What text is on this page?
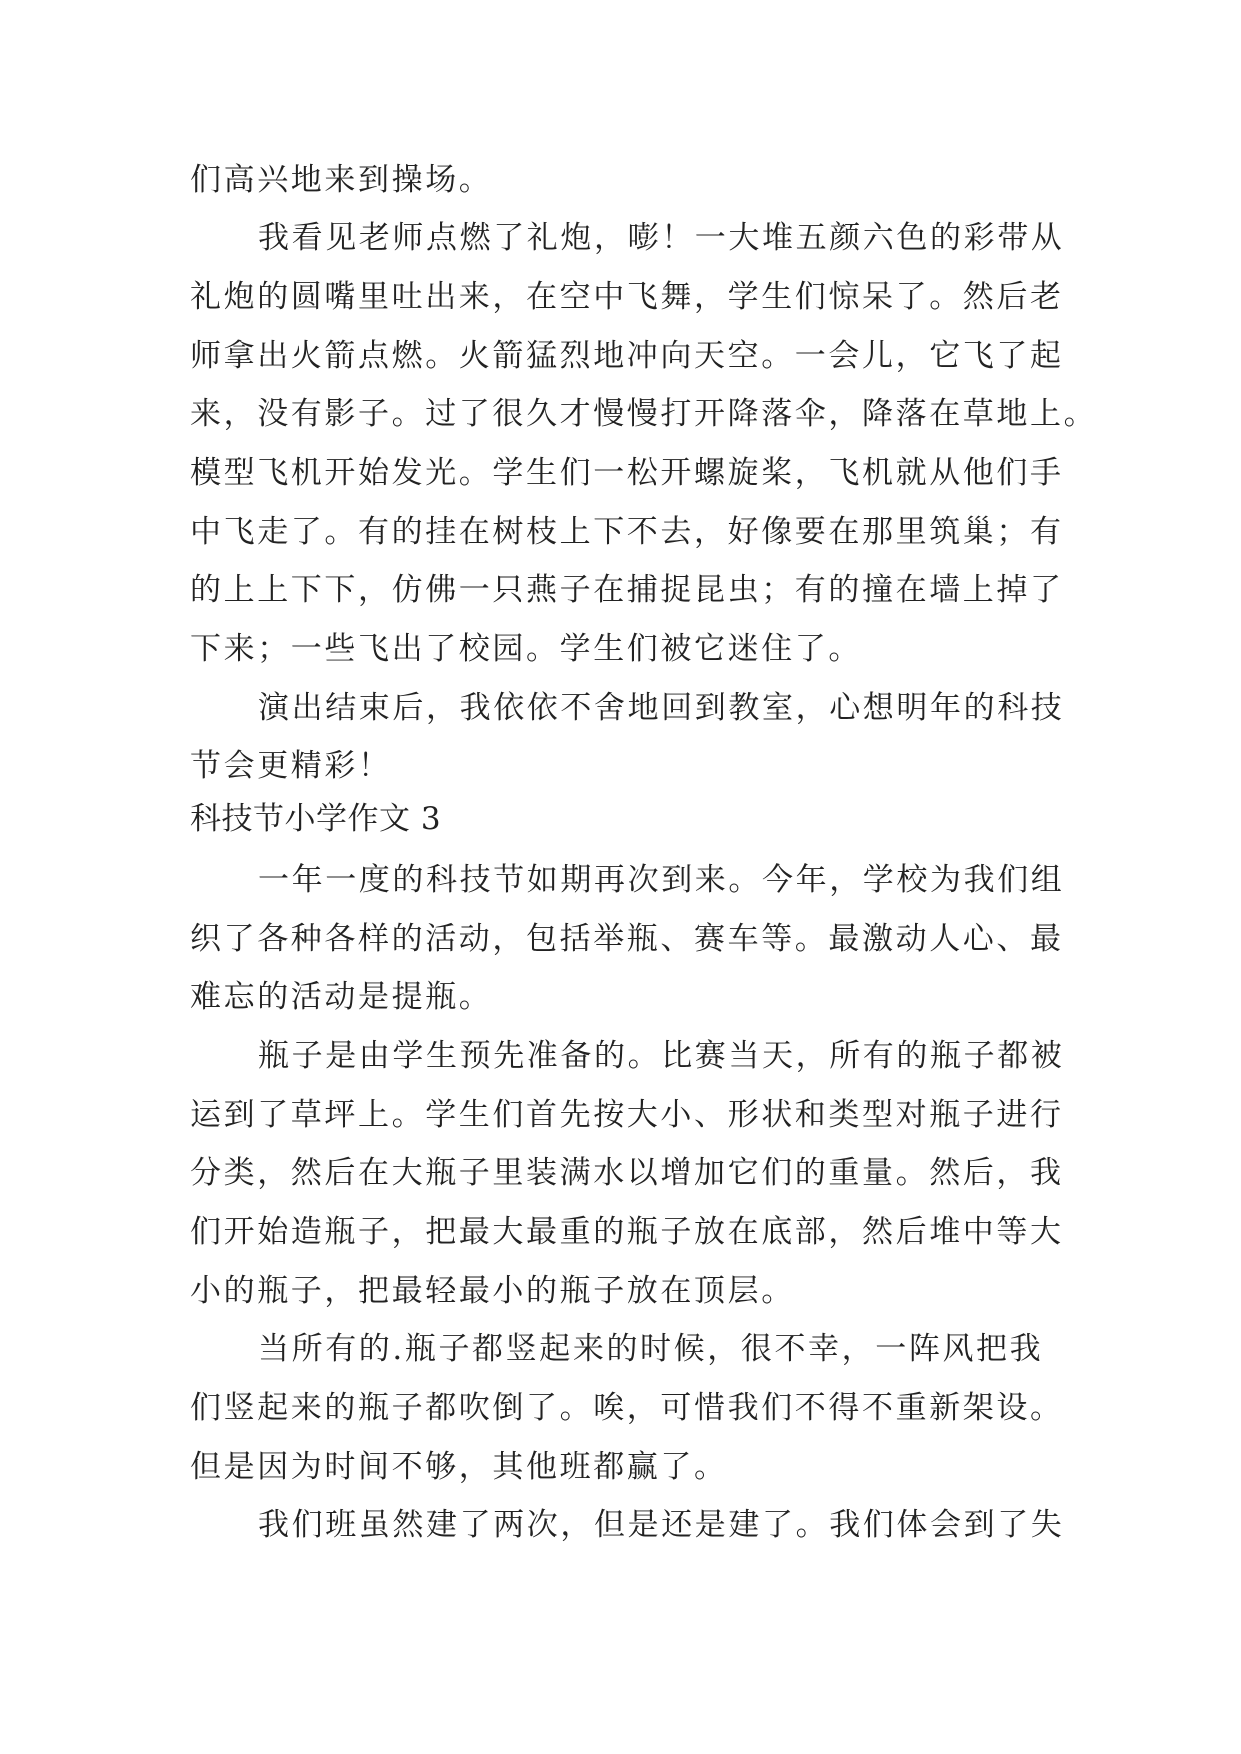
们高兴地来到操场。
我看见老师点燃了礼炮，嘭！一大堆五颜六色的彩带从
礼炮的圆嘴里吐出来，在空中飞舞，学生们惊呆了。然后老
师拿出火箭点燃。火箭猛烈地冲向天空。一会儿，它飞了起
来，没有影子。过了很久才慢慢打开降落伞，降落在草地上。
模型飞机开始发光。学生们一松开螺旋桨，飞机就从他们手
中飞走了。有的挂在树枝上下不去，好像要在那里筑巢；有
的上上下下，仿佛一只燕子在捕捉昆虫；有的撞在墙上掉了
下来；一些飞出了校园。学生们被它迷住了。
演出结束后，我依依不舍地回到教室，心想明年的科技
节会更精彩！
科技节小学作文 3
一年一度的科技节如期再次到来。今年，学校为我们组
织了各种各样的活动，包括举瓶、赛车等。最激动人心、最
难忘的活动是提瓶。
瓶子是由学生预先准备的。比赛当天，所有的瓶子都被
运到了草坪上。学生们首先按大小、形状和类型对瓶子进行
分类，然后在大瓶子里装满水以增加它们的重量。然后，我
们开始造瓶子，把最大最重的瓶子放在底部，然后堆中等大
小的瓶子，把最轻最小的瓶子放在顶层。
当所有的.瓶子都竖起来的时候，很不幸，一阵风把我
们竖起来的瓶子都吹倒了。唉，可惜我们不得不重新架设。
但是因为时间不够，其他班都赢了。
我们班虽然建了两次，但是还是建了。我们体会到了失
